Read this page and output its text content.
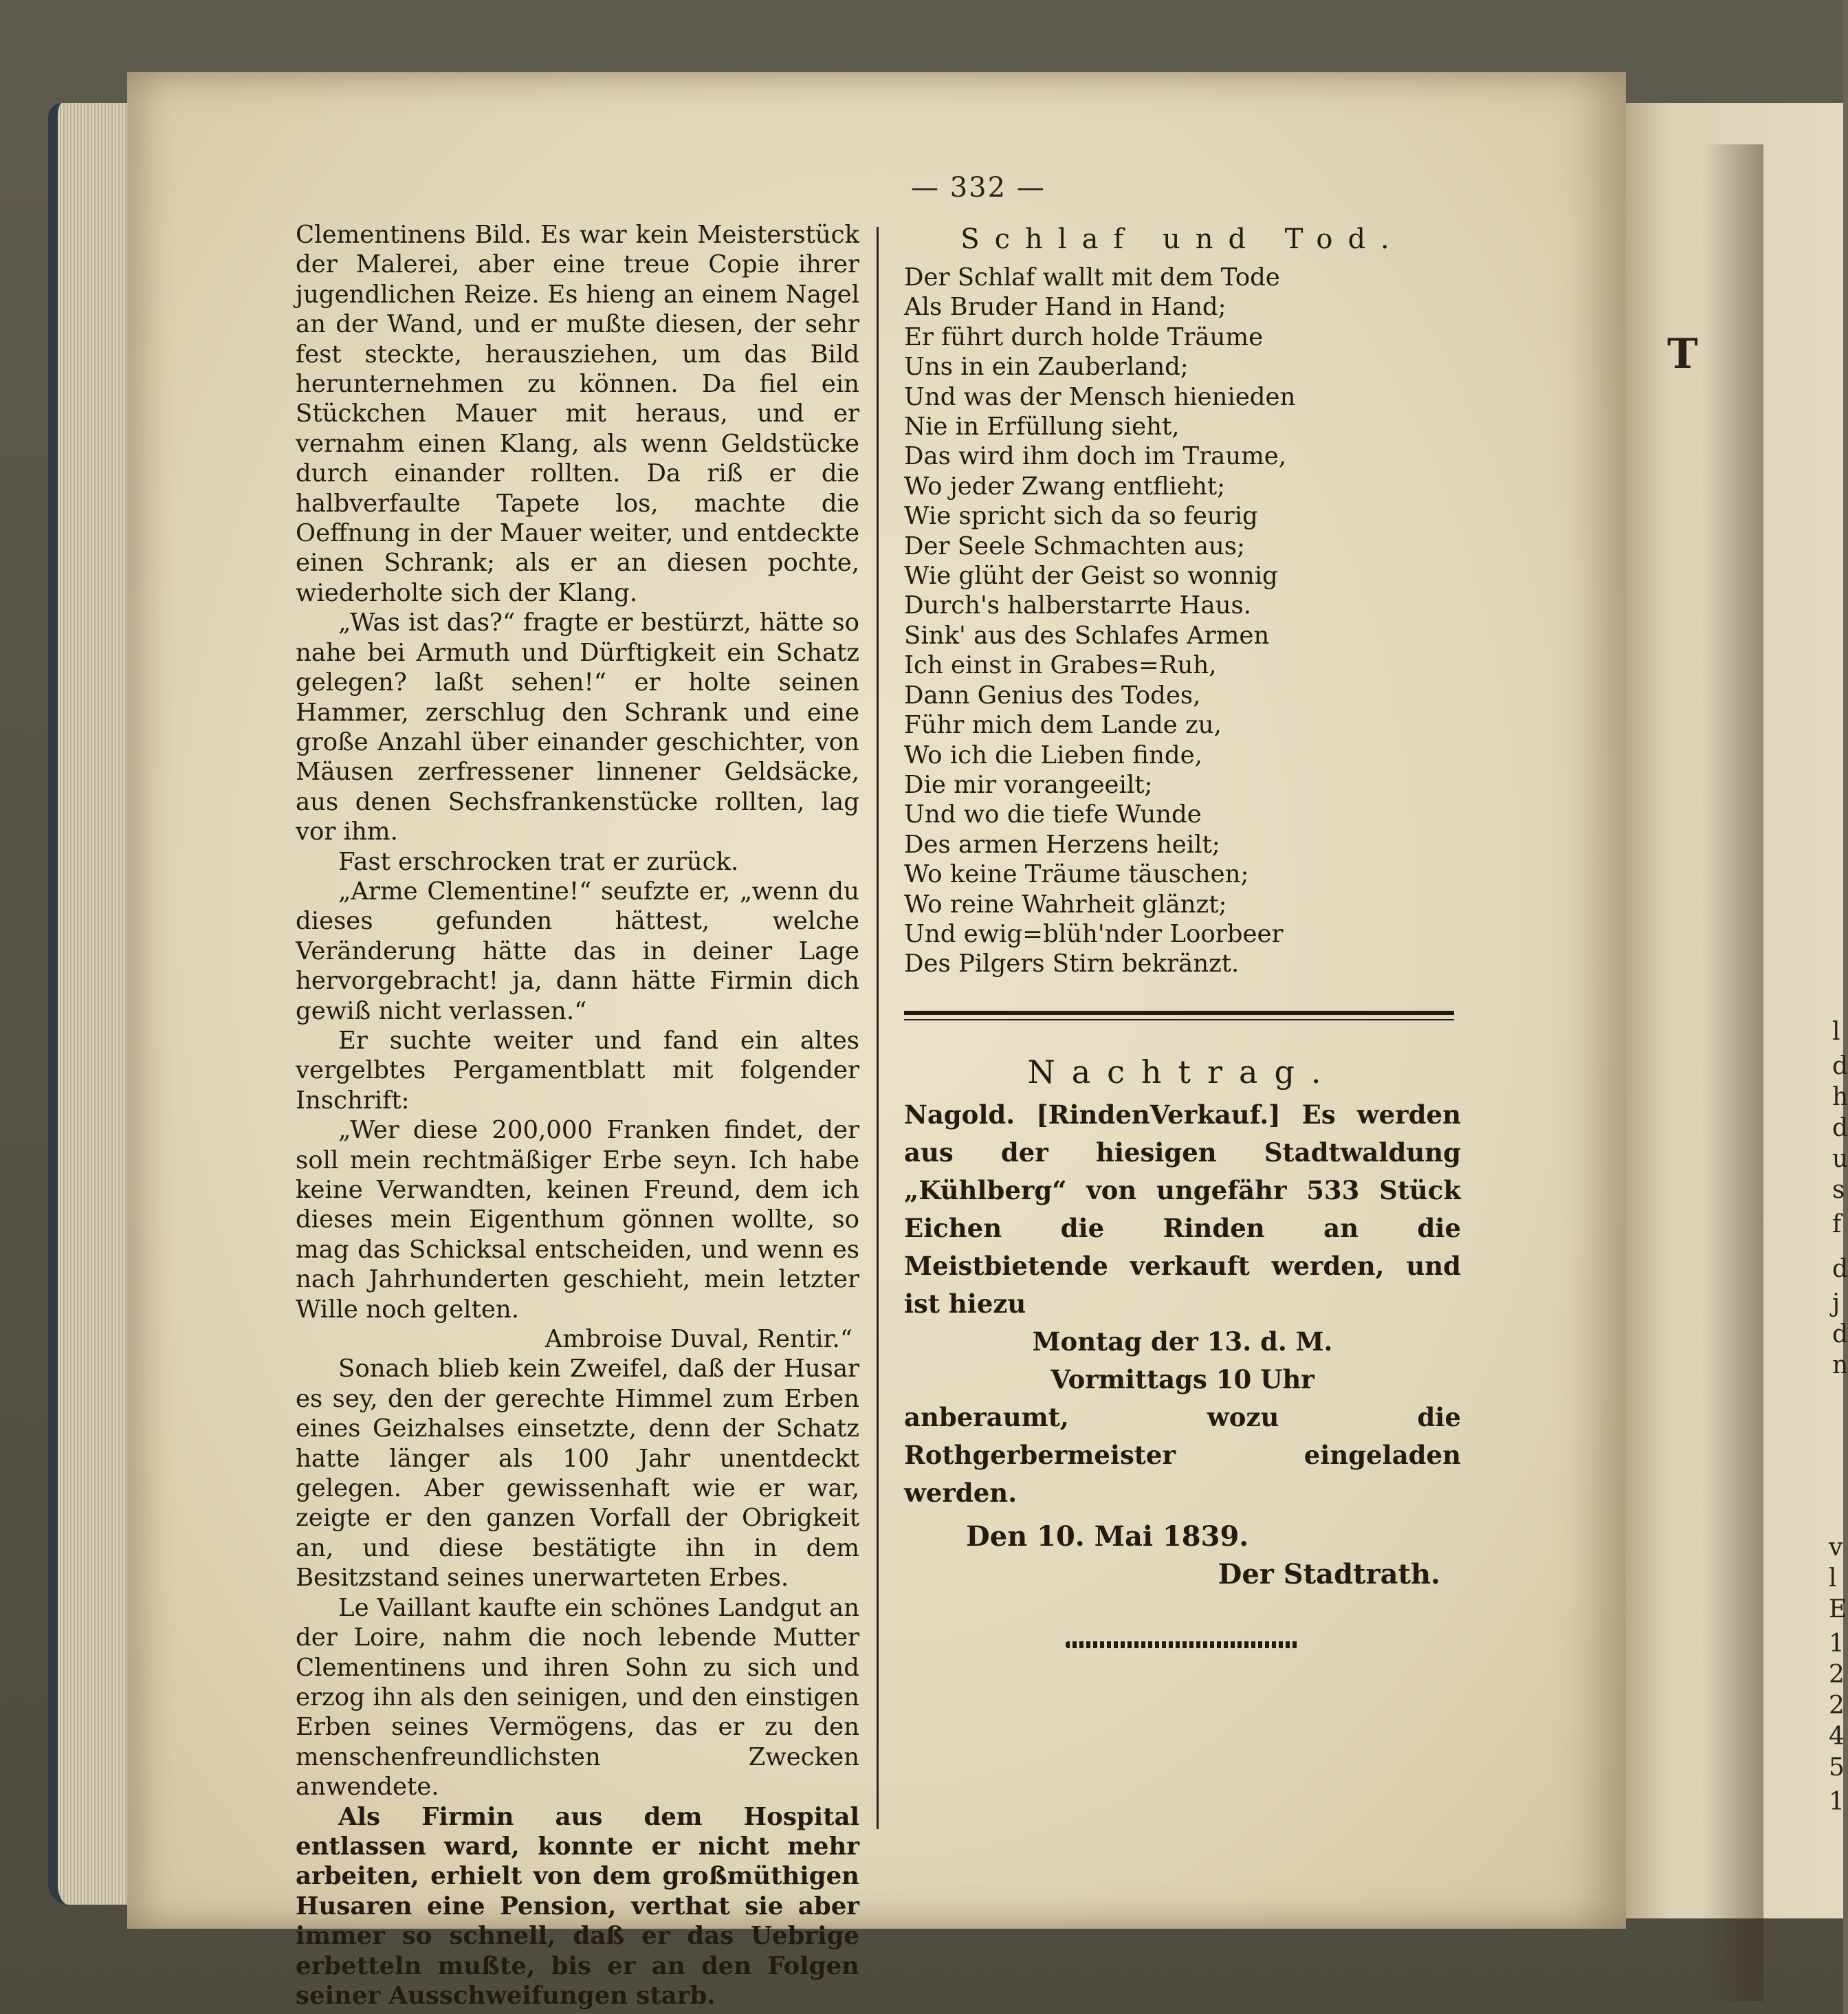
T
l
d
h
d
u
s
f
d
j
d
n
v
l
E
1
2
2
4
5
1
— 332 —

Clementinens Bild. Es war kein Meisterstück der Malerei, aber eine treue Copie ihrer jugendlichen Reize. Es hieng an einem Nagel an der Wand, und er mußte diesen, der sehr fest steckte, herausziehen, um das Bild herunternehmen zu können. Da fiel ein Stückchen Mauer mit heraus, und er vernahm einen Klang, als wenn Geldstücke durch einander rollten. Da riß er die halbverfaulte Tapete los, machte die Oeffnung in der Mauer weiter, und entdeckte einen Schrank; als er an diesen pochte, wiederholte sich der Klang.

„Was ist das?“ fragte er bestürzt, hätte so nahe bei Armuth und Dürftigkeit ein Schatz gelegen? laßt sehen!“ er holte seinen Hammer, zerschlug den Schrank und eine große Anzahl über einander geschichter, von Mäusen zerfressener linnener Geldsäcke, aus denen Sechsfrankenstücke rollten, lag vor ihm.

Fast erschrocken trat er zurück.

„Arme Clementine!“ seufzte er, „wenn du dieses gefunden hättest, welche Veränderung hätte das in deiner Lage hervorgebracht! ja, dann hätte Firmin dich gewiß nicht verlassen.“

Er suchte weiter und fand ein altes vergelbtes Pergamentblatt mit folgender Inschrift:

„Wer diese 200,000 Franken findet, der soll mein rechtmäßiger Erbe seyn. Ich habe keine Verwandten, keinen Freund, dem ich dieses mein Eigenthum gönnen wollte, so mag das Schicksal entscheiden, und wenn es nach Jahrhunderten geschieht, mein letzter Wille noch gelten.

Ambroise Duval, Rentir.“

Sonach blieb kein Zweifel, daß der Husar es sey, den der gerechte Himmel zum Erben eines Geizhalses einsetzte, denn der Schatz hatte länger als 100 Jahr unentdeckt gelegen. Aber gewissenhaft wie er war, zeigte er den ganzen Vorfall der Obrigkeit an, und diese bestätigte ihn in dem Besitzstand seines unerwarteten Erbes.

Le Vaillant kaufte ein schönes Landgut an der Loire, nahm die noch lebende Mutter Clementinens und ihren Sohn zu sich und erzog ihn als den seinigen, und den einstigen Erben seines Vermögens, das er zu den menschenfreundlichsten Zwecken anwendete.

Als Firmin aus dem Hospital entlassen ward, konnte er nicht mehr arbeiten, erhielt von dem großmüthigen Husaren eine Pension, verthat sie aber immer so schnell, daß er das Uebrige erbetteln mußte, bis er an den Folgen seiner Ausschweifungen starb.

Schlaf und Tod.

Der Schlaf wallt mit dem Tode

Als Bruder Hand in Hand;

Er führt durch holde Träume

Uns in ein Zauberland;

Und was der Mensch hienieden

Nie in Erfüllung sieht,

Das wird ihm doch im Traume,

Wo jeder Zwang entflieht;

Wie spricht sich da so feurig

Der Seele Schmachten aus;

Wie glüht der Geist so wonnig

Durch's halberstarrte Haus.

Sink' aus des Schlafes Armen

Ich einst in Grabes=Ruh,

Dann Genius des Todes,

Führ mich dem Lande zu,

Wo ich die Lieben finde,

Die mir vorangeeilt;

Und wo die tiefe Wunde

Des armen Herzens heilt;

Wo keine Träume täuschen;

Wo reine Wahrheit glänzt;

Und ewig=blüh'nder Loorbeer

Des Pilgers Stirn bekränzt.

Nachtrag.
Nagold. [RindenVerkauf.] Es werden aus der hiesigen Stadtwaldung „Kühlberg“ von ungefähr 533 Stück Eichen die Rinden an die Meistbietende verkauft werden, und ist hiezu
Montag der 13. d. M.
Vormittags 10 Uhr
anberaumt, wozu die Rothgerbermeister eingeladen werden.
Den 10. Mai 1839.
Der Stadtrath.
